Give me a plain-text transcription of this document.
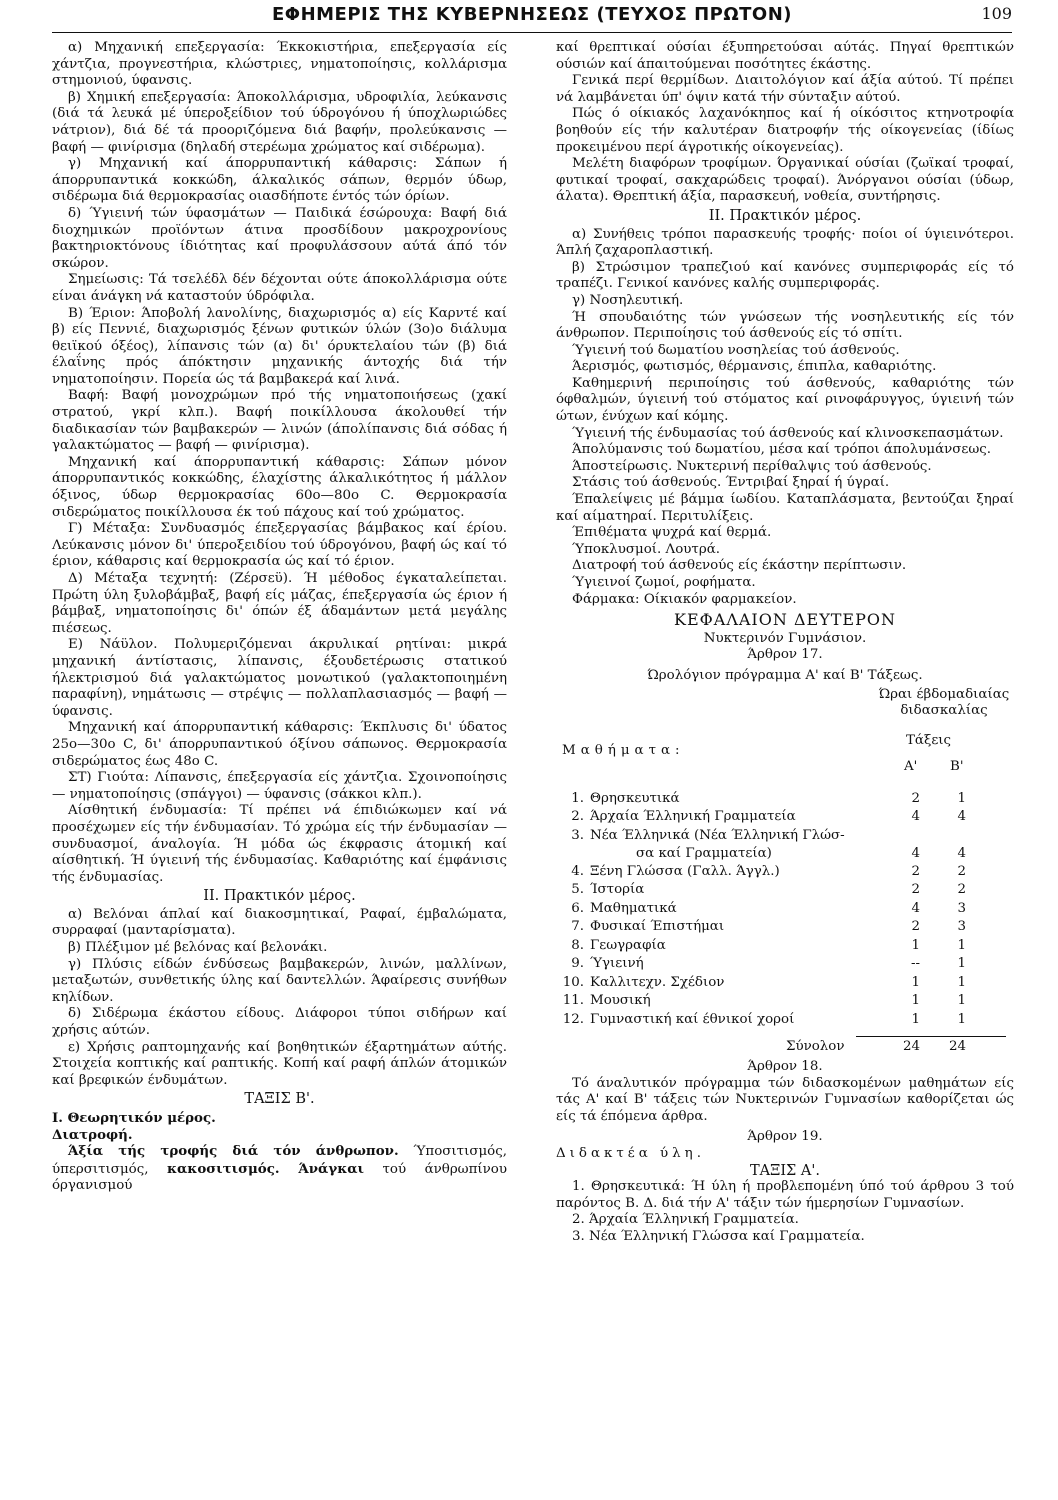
ΕΦΗΜΕΡΙΣ ΤΗΣ ΚΥΒΕΡΝΗΣΕΩΣ (ΤΕΥΧΟΣ ΠΡΩΤΟΝ)	109

α) Μηχανική επεξεργασία: Έκκοκιστήρια, επεξεργασία είς χάντζια, προγνεστήρια, κλώστριες, νηματοποίησις, κολλάρισμα στημονιού, ύφανσις.

β) Χημική επεξεργασία: Άποκολλάρισμα, υδροφιλία, λεύκανσις (διά τά λευκά μέ ύπεροξείδιον τού ύδρογόνου ή ύποχλωριώδες νάτριον), διά δέ τά προοριζόμενα διά βαφήν, προλεύκανσις — βαφή — φινίρισμα (δηλαδή στερέωμα χρώματος καί σιδέρωμα).

γ) Μηχανική καί άπορρυπαντική κάθαρσις: Σάπων ή άπορρυπαντικά κοκκώδη, άλκαλικός σάπων, θερμόν ύδωρ, σιδέρωμα διά θερμοκρασίας οιασδήποτε έντός τών όρίων.

δ) Ύγιεινή τών ύφασμάτων — Παιδικά έσώρουχα: Βαφή διά διοχημικών προϊόντων άτινα προσδίδουν μακροχρονίους βακτηριοκτόνους ίδιότητας καί προφυλάσσουν αύτά άπό τόν σκώρον.

Σημείωσις: Τά τσελέδλ δέν δέχονται ούτε άποκολλάρισμα ούτε είναι άνάγκη νά καταστούν ύδρόφιλα.

Β) Έριον: Άποβολή λανολίνης, διαχωρισμός α) είς Καρντέ καί β) είς Πεννιέ, διαχωρισμός ξένων φυτικών ύλών (3ο)ο διάλυμα θειϊκού όξέος), λίπανσις τών (α) δι' όρυκτελαίου τών (β) διά έλαΐνης πρός άπόκτησιν μηχανικής άντοχής διά τήν νηματοποίησιν. Πορεία ώς τά βαμβακερά καί λινά.

Βαφή: Βαφή μονοχρώμων πρό τής νηματοποιήσεως (χακί στρατού, γκρί κλπ.). Βαφή ποικίλλουσα άκολουθεί τήν διαδικασίαν τών βαμβακερών — λινών (άπολίπανσις διά σόδας ή γαλακτώματος — βαφή — φινίρισμα).

Μηχανική καί άπορρυπαντική κάθαρσις: Σάπων μόνον άπορρυπαντικός κοκκώδης, έλαχίστης άλκαλικότητος ή μάλλον όξινος, ύδωρ θερμοκρασίας 60ο—80ο C. Θερμοκρασία σιδερώματος ποικίλλουσα έκ τού πάχους καί τού χρώματος.

Γ) Μέταξα: Συνδυασμός έπεξεργασίας βάμβακος καί έρίου. Λεύκανσις μόνον δι' ύπεροξειδίου τού ύδρογόνου, βαφή ώς καί τό έριον, κάθαρσις καί θερμοκρασία ώς καί τό έριον.

Δ) Μέταξα τεχνητή: (Ζέρσεϋ). Ή μέθοδος έγκαταλείπεται. Πρώτη ύλη ξυλοβάμβαξ, βαφή είς μάζας, έπεξεργασία ώς έριον ή βάμβαξ, νηματοποίησις δι' όπών έξ άδαμάντων μετά μεγάλης πιέσεως.

Ε) Νάϋλον. Πολυμεριζόμεναι άκρυλικαί ρητίναι: μικρά μηχανική άντίστασις, λίπανσις, έξουδετέρωσις στατικού ήλεκτρισμού διά γαλακτώματος μονωτικού (γαλακτοποιημένη παραφίνη), νημάτωσις — στρέψις — πολλαπλασιασμός — βαφή — ύφανσις.

Μηχανική καί άπορρυπαντική κάθαρσις: Έκπλυσις δι' ύδατος 25ο—30ο C, δι' άπορρυπαντικού όξίνου σάπωνος. Θερμοκρασία σιδερώματος έως 48ο C.

ΣΤ) Γιούτα: Λίπανσις, έπεξεργασία είς χάντζια. Σχοινοποίησις — νηματοποίησις (σπάγγοι) — ύφανσις (σάκκοι κλπ.).

Αίσθητική ένδυμασία: Τί πρέπει νά έπιδιώκωμεν καί νά προσέχωμεν είς τήν ένδυμασίαν. Τό χρώμα είς τήν ένδυμασίαν — συνδυασμοί, άναλογία. Ή μόδα ώς έκφρασις άτομική καί αίσθητική. Ή ύγιεινή τής ένδυμασίας. Καθαριότης καί έμφάνισις τής ένδυμασίας.

II. Πρακτικόν μέρος.

α) Βελόναι άπλαί καί διακοσμητικαί, Ραφαί, έμβαλώματα, συρραφαί (μανταρίσματα).

β) Πλέξιμον μέ βελόνας καί βελονάκι.

γ) Πλύσις είδών ένδύσεως βαμβακερών, λινών, μαλλίνων, μεταξωτών, συνθετικής ύλης καί δαντελλών. Άφαίρεσις συνήθων κηλίδων.

δ) Σιδέρωμα έκάστου είδους. Διάφοροι τύποι σιδήρων καί χρήσις αύτών.

ε) Χρήσις ραπτομηχανής καί βοηθητικών έξαρτημάτων αύτής. Στοιχεία κοπτικής καί ραπτικής. Κοπή καί ραφή άπλών άτομικών καί βρεφικών ένδυμάτων.

ΤΑΞΙΣ Β'.

I. Θεωρητικόν μέρος.

Διατροφή.

Άξία τής τροφής διά τόν άνθρωπον. Ύποσιτισμός, ύπερσιτισμός, κακοσιτισμός. Άνάγκαι τού άνθρωπίνου όργανισμού

καί θρεπτικαί ούσίαι έξυπηρετούσαι αύτάς. Πηγαί θρεπτικών ούσιών καί άπαιτούμεναι ποσότητες έκάστης.

Γενικά περί θερμίδων. Διαιτολόγιον καί άξία αύτού. Τί πρέπει νά λαμβάνεται ύπ' όψιν κατά τήν σύνταξιν αύτού.

Πώς ό οίκιακός λαχανόκηπος καί ή οίκόσιτος κτηνοτροφία βοηθούν είς τήν καλυτέραν διατροφήν τής οίκογενείας (ίδίως προκειμένου περί άγροτικής οίκογενείας).

Μελέτη διαφόρων τροφίμων. Όργανικαί ούσίαι (ζωϊκαί τροφαί, φυτικαί τροφαί, σακχαρώδεις τροφαί). Άνόργανοι ούσίαι (ύδωρ, άλατα). Θρεπτική άξία, παρασκευή, νοθεία, συντήρησις.

II. Πρακτικόν μέρος.

α) Συνήθεις τρόποι παρασκευής τροφής· ποίοι οί ύγιεινότεροι. Άπλή ζαχαροπλαστική.

β) Στρώσιμον τραπεζιού καί κανόνες συμπεριφοράς είς τό τραπέζι. Γενικοί κανόνες καλής συμπεριφοράς.

γ) Νοσηλευτική.

Ή σπουδαιότης τών γνώσεων τής νοσηλευτικής είς τόν άνθρωπον. Περιποίησις τού άσθενούς είς τό σπίτι.

Ύγιεινή τού δωματίου νοσηλείας τού άσθενούς.

Άερισμός, φωτισμός, θέρμανσις, έπιπλα, καθαριότης.

Καθημερινή περιποίησις τού άσθενούς, καθαριότης τών όφθαλμών, ύγιεινή τού στόματος καί ρινοφάρυγγος, ύγιεινή τών ώτων, ένύχων καί κόμης.

Ύγιεινή τής ένδυμασίας τού άσθενούς καί κλινοσκεπασμάτων.

Άπολύμανσις τού δωματίου, μέσα καί τρόποι άπολυμάνσεως.

Άποστείρωσις. Νυκτερινή περίθαλψις τού άσθενούς.

Στάσις τού άσθενούς. Έντριβαί ξηραί ή ύγραί.

Έπαλείψεις μέ βάμμα ίωδίου. Καταπλάσματα, βεντούζαι ξηραί καί αίματηραί. Περιτυλίξεις.

Έπιθέματα ψυχρά καί θερμά.

Ύποκλυσμοί. Λουτρά.

Διατροφή τού άσθενούς είς έκάστην περίπτωσιν.

Ύγιεινοί ζωμοί, ροφήματα.

Φάρμακα: Οίκιακόν φαρμακείον.

ΚΕΦΑΛΑΙΟΝ ΔΕΥΤΕΡΟΝ

Νυκτερινόν Γυμνάσιον.

Άρθρον 17.

Ώρολόγιον πρόγραμμα Α' καί Β' Τάξεως.

Μαθήματα:
Ώραι έβδομαδιαίας
διδασκαλίας
Τάξεις
Α' Β'
1. Θρησκευτικά	2	1
2. Άρχαία Έλληνική Γραμματεία	4	4
3. Νέα Έλληνικά (Νέα Έλληνική Γλώσ-
σα καί Γραμματεία)	4	4
4. Ξένη Γλώσσα (Γαλλ. Άγγλ.)	2	2
5. Ίστορία	2	2
6. Μαθηματικά	4	3
7. Φυσικαί Έπιστήμαι	2	3
8. Γεωγραφία	1	1
9. Ύγιεινή	--	1
10. Καλλιτεχν. Σχέδιον	1	1
11. Μουσική	1	1
12. Γυμναστική καί έθνικοί χοροί	1	1
Σύνολον	24	24

Άρθρον 18.

Τό άναλυτικόν πρόγραμμα τών διδασκομένων μαθημάτων είς τάς Α' καί Β' τάξεις τών Νυκτερινών Γυμνασίων καθορίζεται ώς είς τά έπόμενα άρθρα.

Άρθρον 19.

Διδακτέα ύλη.

ΤΑΞΙΣ Α'.

1. Θρησκευτικά: Ή ύλη ή προβλεπομένη ύπό τού άρθρου 3 τού παρόντος Β. Δ. διά τήν Α' τάξιν τών ήμερησίων Γυμνασίων.

2. Άρχαία Έλληνική Γραμματεία.

3. Νέα Έλληνική Γλώσσα καί Γραμματεία.
